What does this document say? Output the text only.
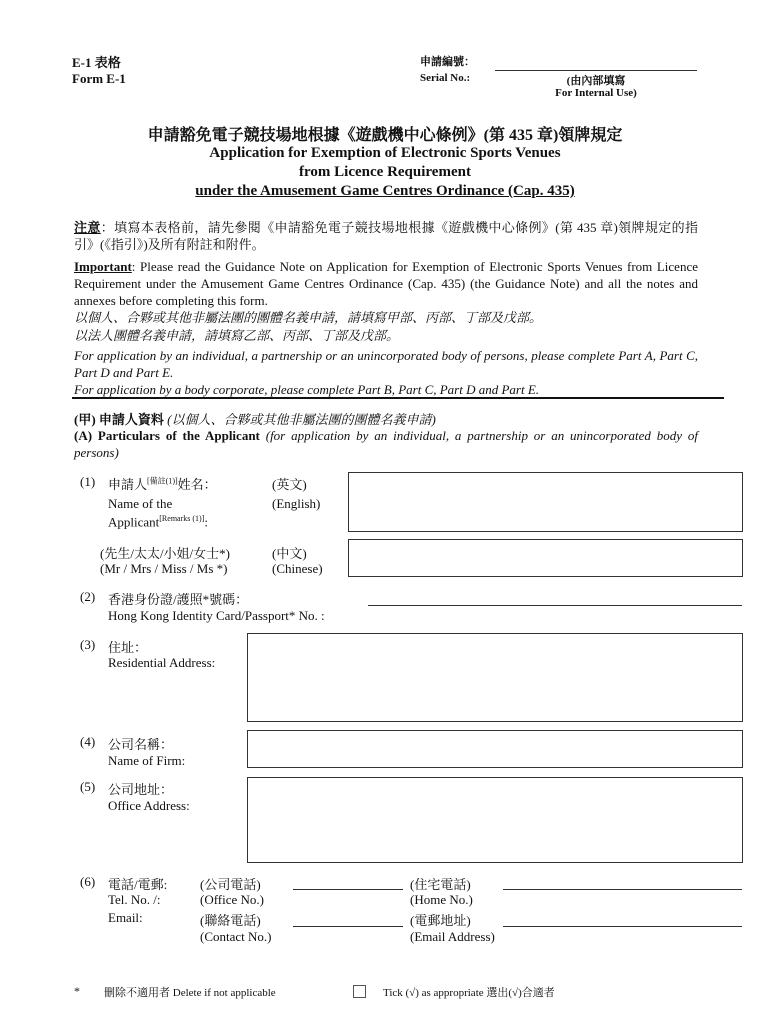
E-1 表格
Form E-1
申請編號：
Serial No.:	(由內部填寫
For Internal Use)
申請豁免電子競技場地根據《遊戲機中心條例》(第 435 章)領牌規定
Application for Exemption of Electronic Sports Venues
from Licence Requirement
under the Amusement Game Centres Ordinance (Cap. 435)
注意：填寫本表格前，請先參閱《申請豁免電子競技場地根據《遊戲機中心條例》(第 435 章)領牌規定的指引》(《指引》)及所有附註和附件。
Important: Please read the Guidance Note on Application for Exemption of Electronic Sports Venues from Licence Requirement under the Amusement Game Centres Ordinance (Cap. 435) (the Guidance Note) and all the notes and annexes before completing this form.
以個人、合夥或其他非屬法團的團體名義申請，請填寫甲部、丙部、丁部及戊部。
以法人團體名義申請，請填寫乙部、丙部、丁部及戊部。
For application by an individual, a partnership or an unincorporated body of persons, please complete Part A, Part C, Part D and Part E.
For application by a body corporate, please complete Part B, Part C, Part D and Part E.
(甲) 申請人資料 (以個人、合夥或其他非屬法團的團體名義申請)
(A) Particulars of the Applicant (for application by an individual, a partnership or an unincorporated body of persons)
(1) 申請人[備註(1)]姓名：
Name of the
Applicant[Remarks (1)]:
(英文)
(English)
(先生/太太/小姐/女士*)
(Mr / Mrs / Miss / Ms *)
(中文)
(Chinese)
(2) 香港身份證/護照*號碼：
Hong Kong Identity Card/Passport* No. :
(3) 住址：
Residential Address:
(4) 公司名稱：
Name of Firm:
(5) 公司地址：
Office Address:
(6) 電話/電郵:
Tel. No. /:
Email:
(公司電話)
(Office No.)
(聯絡電話)
(Contact No.)
(住宅電話)
(Home No.)
(電郵地址)
(Email Address)
* 刪除不適用者 Delete if not applicable	Tick (√) as appropriate 選出(√)合適者
